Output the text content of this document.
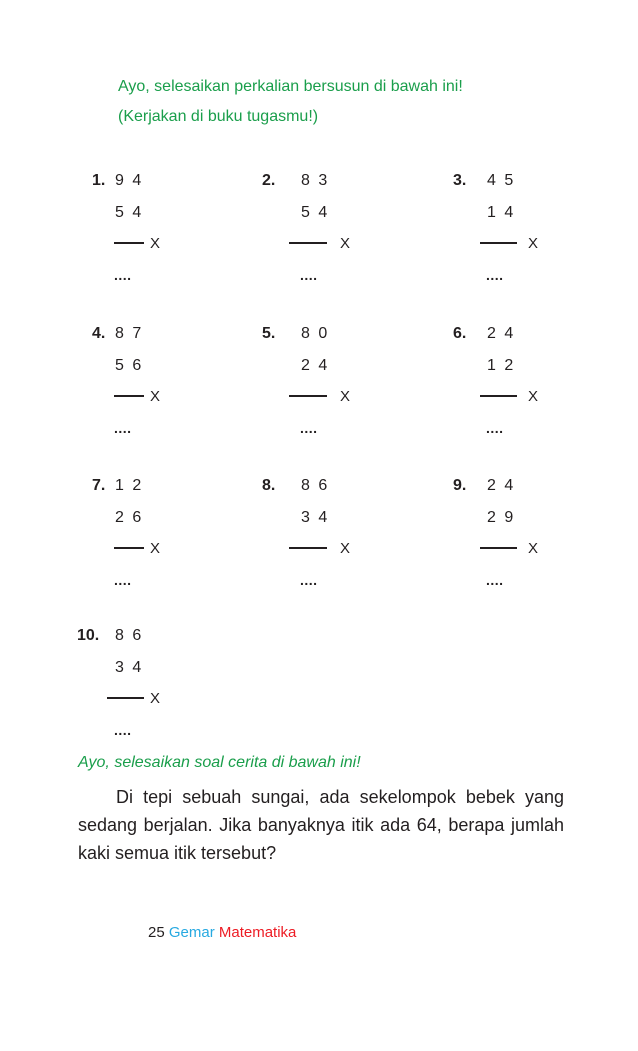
Ayo, selesaikan perkalian bersusun di bawah ini!
(Kerjakan di buku tugasmu!)
1. 9 4
5 4
X
....
2. 8 3
5 4
X
....
3. 4 5
1 4
X
....
4. 8 7
5 6
X
....
5. 8 0
2 4
X
....
6. 2 4
1 2
X
....
7. 1 2
2 6
X
....
8. 8 6
3 4
X
....
9. 2 4
2 9
X
....
10. 8 6
3 4
X
....
Ayo, selesaikan soal cerita di bawah ini!
Di tepi sebuah sungai, ada sekelompok bebek yang sedang berjalan. Jika banyaknya itik ada 64, berapa jumlah kaki semua itik tersebut?
25 Gemar Matematika
